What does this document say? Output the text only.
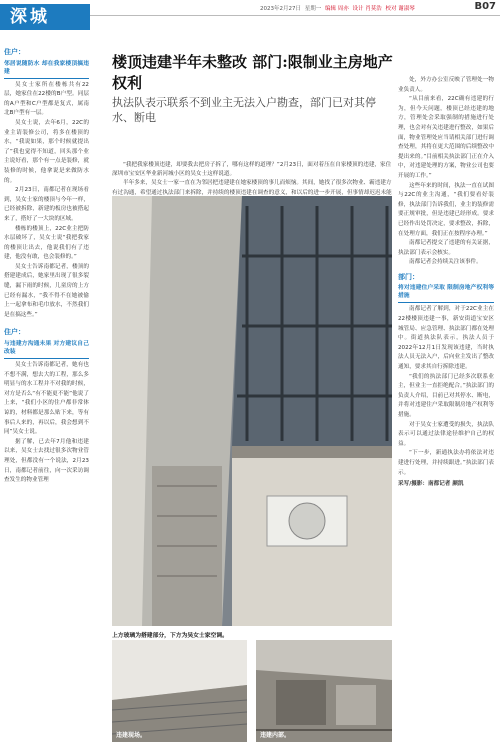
深城	2023年2月27日 星期一 编辑 周亦 设计 肖莫浩 校对 谢淑琴	B07
住户：
邻居说随防水 却在我家楼顶搞违建

吴女士家所在楼栋共有22层，她家住在22楼的B户型。同层的A户型和C户型都是复式，属南北B户型有一层。

吴女士说，去年6月，22C的业主请装修公司，将多在楼顶的水，“我说如果，那个时候就提出了”我也觉得不知道，回头那个业主说好看，那个有一点是装修，就装修的时候，他拿说是来做防水的。

2月23日，南都记者在现场看到，吴女士家的楼顶与今年一样，已经被拆除，新建的板房也被搭起来了，搭好了一大块的区域。

楼栋的楼顶上，22C业主把防水层破坏了，吴女士说“我把我家的楼顶让出去，他说我们有了违建，他没有敢，也会装修的。”

吴女士告诉南都记者，楼顶的搭建建成后，她家里出现了很多裂缝，漏下雨的时候，儿童房的上方已经有漏水，“我不得不在她被偷上一起拿布和毛巾放水，不然我们是在搞这些。”

住户：
与违建方沟通未果 对方建议自己改装

吴女士告诉南都记者，她有也不想不满，想去大的工程，那么多明显与的水工程并不对我的时候，对方是否么“有不能更不能”他说了上来，“我们小区的住户都非常体谅的，材料都是那么贴下来，等有事后人来的，再以后，我会想到不同”吴女士说。

据了解，已去年7月他和违建以来，吴女士去找过很多次物业管理处，但都没有一个说法，2月23日，南都记者前往，向一次采访调查发生的物业管理

楼顶违建半年未整改 部门:限制业主房地产权利
执法队表示联系不到业主无法入户勘查，部门已对其停水、断电

“我把我家楼顶违建，却要我去把房子拆了，哪有这样的道理？”2月23日，面对着压在自家楼顶的违建，家住深圳市宝安区华业新河城小区的吴女士这样说道。

半年多来，吴女士一家一直在为邻居把违建建在她家楼顶的事儿而烦恼。其间，她找了很多次物业、霸违建方有过沟通，希望通过执法部门来拆除，并持续的楼顶违建在调查的意义，和以后的进一步开展，但事情却迟迟未能

上方玻璃为搭建部分，下方为吴女士家空调。
违建现场。	违建内部。

处，外方办公室反映了管理处一物业负责人。

“从目前来看，22C确有违建的行为，但今天问题，楼顶已经违建的地方，管理处会采取强制的措施进行处理，也会对有关违建进行整改，如果后面，物业管理处应当请相关部门进行调查处理，其将在更大范围的后续整改中提出来的。”目前相关执法部门正在介入中，对违建处理的方案，物业公司也要开展的工作。”

这些年来的时间，执法一直在试图与22C的业主沟通，“我们要看好装修，执法部门告诉我们，业主的装修需要正规审批，但是违建已经形成。要求已经作出处罚决定，要求整改，拆除，在处理方面，我们正在按程序办理。”

南都记者提交了违建的有关证据，执法部门表示会核实。

南都记者会持续关注该事件。

部门：
将对违建住户采取 限制房地产权利等措施

南都记者了解到，对于22C业主在22楼楼顶违建一事，新安街道宝安区城管局、应急管理、执法部门都在处理中。街道执法队表示，执法人员于2022年12月1日发现该违建，当时执法人员无法入户，后向业主发出了整改通知，要求其自行拆除违建。

“我们的执法部门已经多次联系业主，但业主一直拒绝配合。”执法部门的负责人介绍，目前已对其停水、断电，并将对违建住户采取限制房地产权利等措施。

对于吴女士家遭受的损失，执法队表示可以通过法律途径维护自己的权益。

“下一步，新通执法办将依法对违建进行处理，并持续跟进。”执法部门表示。

采写/摄影：南都记者 颜凯
